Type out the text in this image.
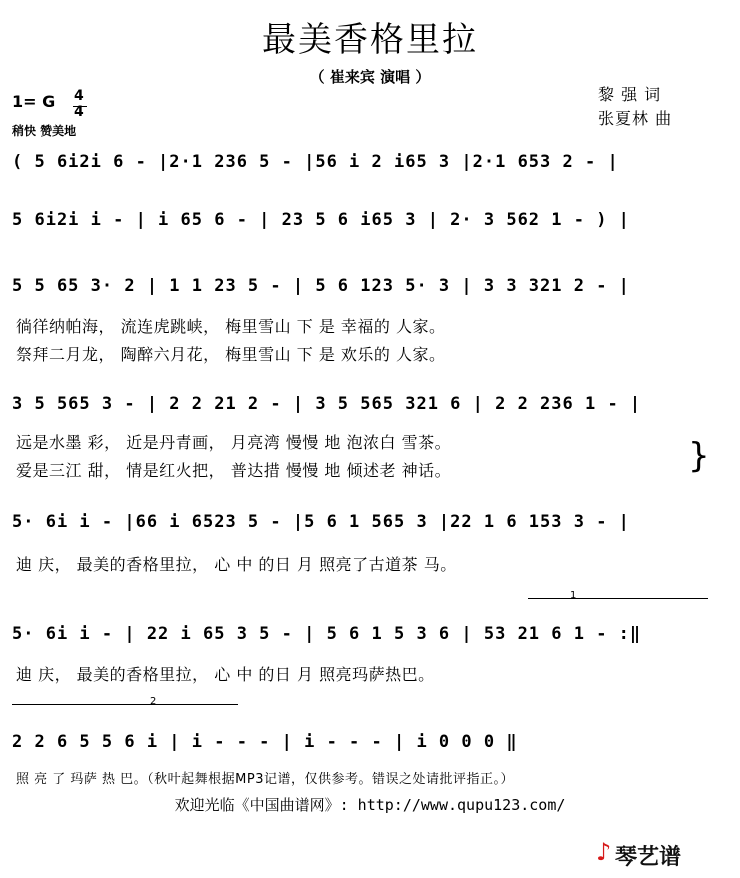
最美香格里拉
（ 崔来宾 演唱 ）
黎 强 词
张夏林 曲
1= G 4
4
稍快 赞美地
( 5 6i2i 6 - |2·1 236 5 - |56 i 2 i65 3 |2·1 653 2 - |
5 6i2i i - | i 65 6 - | 23 5 6 i65 3 | 2· 3 562 1 - ) |
5 5 65 3· 2 | 1 1 23 5 - | 5 6 123 5· 3 | 3 3 321 2 - |
徜徉纳帕海， 流连虎跳峡， 梅里雪山 下 是 幸福的 人家。
祭拜二月龙， 陶醉六月花， 梅里雪山 下 是 欢乐的 人家。
3 5 565 3 - | 2 2 21 2 - | 3 5 565 321 6 | 2 2 236 1 - |
远是水墨 彩， 近是丹青画， 月亮湾 慢慢 地 泡浓白 雪茶。
爱是三江 甜， 情是红火把， 普达措 慢慢 地 倾述老 神话。	}
5· 6i i - |66 i 6523 5 - |5 6 1 565 3 |22 1 6 153 3 - |
迪 庆， 最美的香格里拉， 心 中 的日 月 照亮了古道茶 马。
1
5· 6i i - | 22 i 65 3 5 - | 5 6 1 5 3 6 | 53 21 6 1 - :‖
迪 庆， 最美的香格里拉， 心 中 的日 月 照亮玛萨热巴。
2
2 2 6 5 5 6 i | i - - - | i - - - | i 0 0 0 ‖
照 亮 了 玛萨 热 巴。（秋叶起舞根据MP3记谱，仅供参考。错误之处请批评指正。）
欢迎光临《中国曲谱网》: http://www.qupu123.com/
♪ 琴艺谱
